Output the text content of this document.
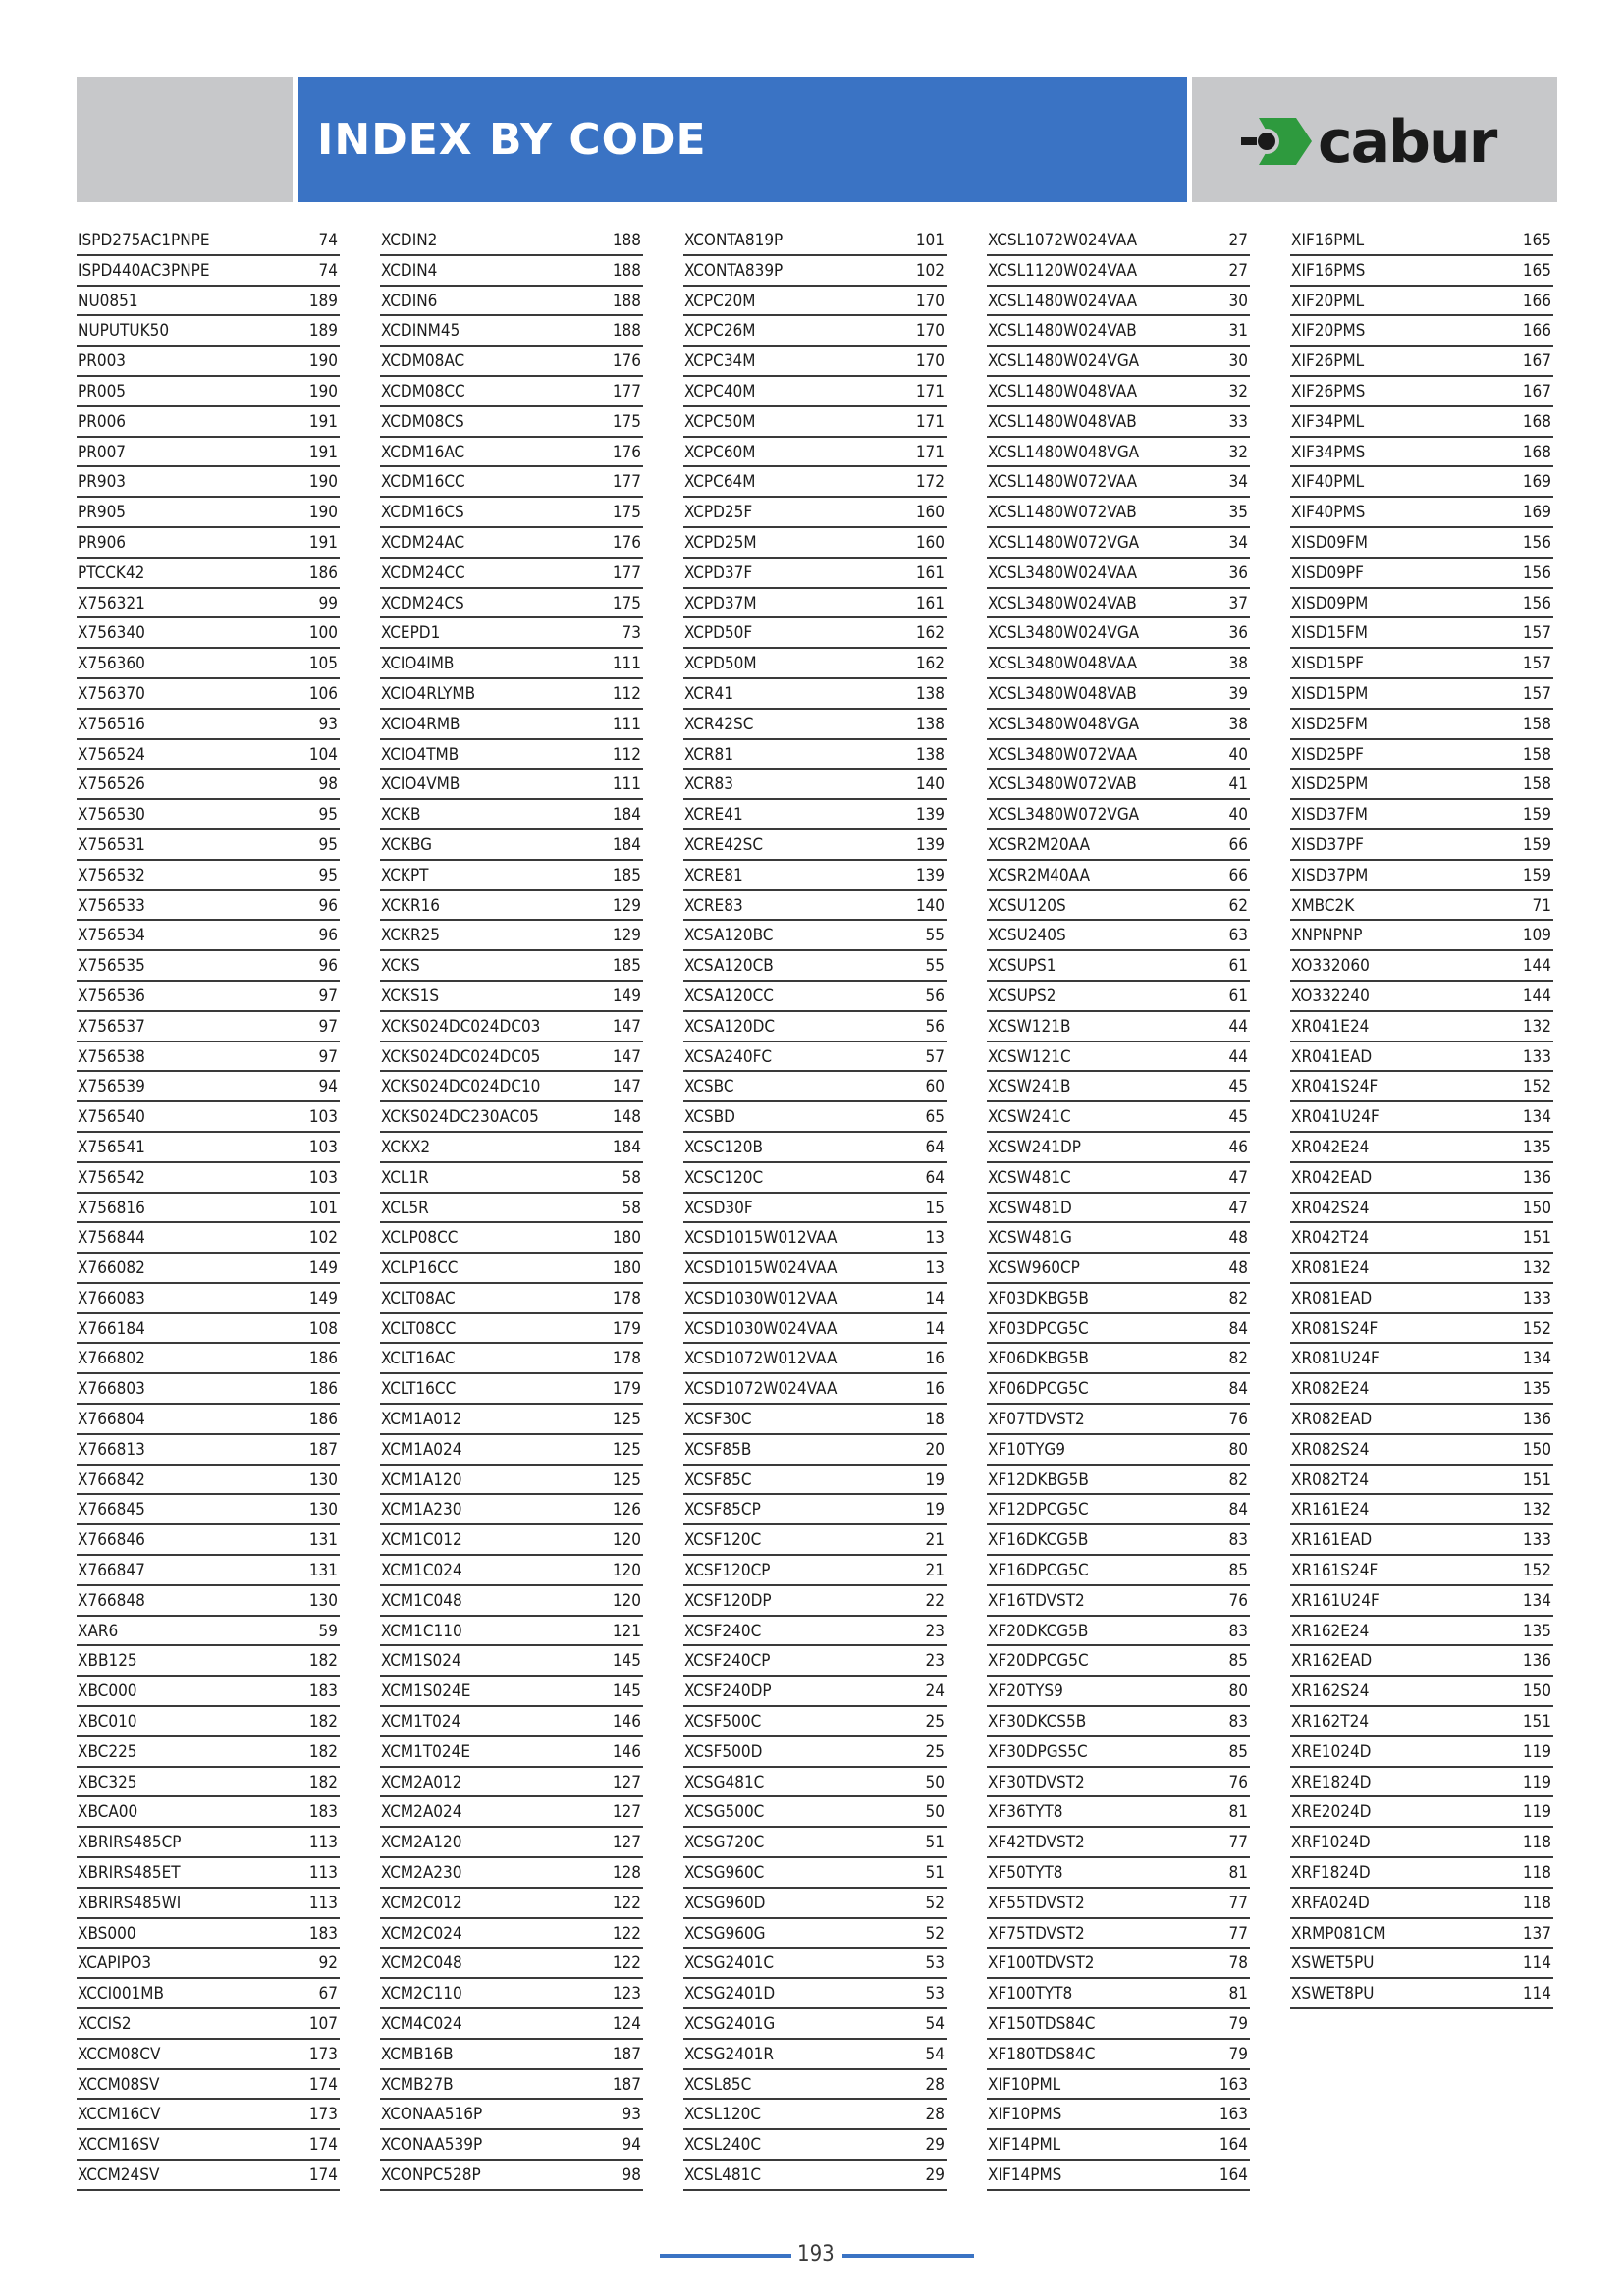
INDEX BY CODE	cabur
ISPD275AC1PNPE	74
ISPD440AC3PNPE	74
NU0851	189
NUPUTUK50	189
PR003	190
PR005	190
PR006	191
PR007	191
PR903	190
PR905	190
PR906	191
PTCCK42	186
X756321	99
X756340	100
X756360	105
X756370	106
X756516	93
X756524	104
X756526	98
X756530	95
X756531	95
X756532	95
X756533	96
X756534	96
X756535	96
X756536	97
X756537	97
X756538	97
X756539	94
X756540	103
X756541	103
X756542	103
X756816	101
X756844	102
X766082	149
X766083	149
X766184	108
X766802	186
X766803	186
X766804	186
X766813	187
X766842	130
X766845	130
X766846	131
X766847	131
X766848	130
XAR6	59
XBB125	182
XBC000	183
XBC010	182
XBC225	182
XBC325	182
XBCA00	183
XBRIRS485CP	113
XBRIRS485ET	113
XBRIRS485WI	113
XBS000	183
XCAPIPO3	92
XCCI001MB	67
XCCIS2	107
XCCM08CV	173
XCCM08SV	174
XCCM16CV	173
XCCM16SV	174
XCCM24SV	174
XCDIN2	188
XCDIN4	188
XCDIN6	188
XCDINM45	188
XCDM08AC	176
XCDM08CC	177
XCDM08CS	175
XCDM16AC	176
XCDM16CC	177
XCDM16CS	175
XCDM24AC	176
XCDM24CC	177
XCDM24CS	175
XCEPD1	73
XCIO4IMB	111
XCIO4RLYMB	112
XCIO4RMB	111
XCIO4TMB	112
XCIO4VMB	111
XCKB	184
XCKBG	184
XCKPT	185
XCKR16	129
XCKR25	129
XCKS	185
XCKS1S	149
XCKS024DC024DC03	147
XCKS024DC024DC05	147
XCKS024DC024DC10	147
XCKS024DC230AC05	148
XCKX2	184
XCL1R	58
XCL5R	58
XCLP08CC	180
XCLP16CC	180
XCLT08AC	178
XCLT08CC	179
XCLT16AC	178
XCLT16CC	179
XCM1A012	125
XCM1A024	125
XCM1A120	125
XCM1A230	126
XCM1C012	120
XCM1C024	120
XCM1C048	120
XCM1C110	121
XCM1S024	145
XCM1S024E	145
XCM1T024	146
XCM1T024E	146
XCM2A012	127
XCM2A024	127
XCM2A120	127
XCM2A230	128
XCM2C012	122
XCM2C024	122
XCM2C048	122
XCM2C110	123
XCM4C024	124
XCMB16B	187
XCMB27B	187
XCONAA516P	93
XCONAA539P	94
XCONPC528P	98
XCONTA819P	101
XCONTA839P	102
XCPC20M	170
XCPC26M	170
XCPC34M	170
XCPC40M	171
XCPC50M	171
XCPC60M	171
XCPC64M	172
XCPD25F	160
XCPD25M	160
XCPD37F	161
XCPD37M	161
XCPD50F	162
XCPD50M	162
XCR41	138
XCR42SC	138
XCR81	138
XCR83	140
XCRE41	139
XCRE42SC	139
XCRE81	139
XCRE83	140
XCSA120BC	55
XCSA120CB	55
XCSA120CC	56
XCSA120DC	56
XCSA240FC	57
XCSBC	60
XCSBD	65
XCSC120B	64
XCSC120C	64
XCSD30F	15
XCSD1015W012VAA	13
XCSD1015W024VAA	13
XCSD1030W012VAA	14
XCSD1030W024VAA	14
XCSD1072W012VAA	16
XCSD1072W024VAA	16
XCSF30C	18
XCSF85B	20
XCSF85C	19
XCSF85CP	19
XCSF120C	21
XCSF120CP	21
XCSF120DP	22
XCSF240C	23
XCSF240CP	23
XCSF240DP	24
XCSF500C	25
XCSF500D	25
XCSG481C	50
XCSG500C	50
XCSG720C	51
XCSG960C	51
XCSG960D	52
XCSG960G	52
XCSG2401C	53
XCSG2401D	53
XCSG2401G	54
XCSG2401R	54
XCSL85C	28
XCSL120C	28
XCSL240C	29
XCSL481C	29
XCSL1072W024VAA	27
XCSL1120W024VAA	27
XCSL1480W024VAA	30
XCSL1480W024VAB	31
XCSL1480W024VGA	30
XCSL1480W048VAA	32
XCSL1480W048VAB	33
XCSL1480W048VGA	32
XCSL1480W072VAA	34
XCSL1480W072VAB	35
XCSL1480W072VGA	34
XCSL3480W024VAA	36
XCSL3480W024VAB	37
XCSL3480W024VGA	36
XCSL3480W048VAA	38
XCSL3480W048VAB	39
XCSL3480W048VGA	38
XCSL3480W072VAA	40
XCSL3480W072VAB	41
XCSL3480W072VGA	40
XCSR2M20AA	66
XCSR2M40AA	66
XCSU120S	62
XCSU240S	63
XCSUPS1	61
XCSUPS2	61
XCSW121B	44
XCSW121C	44
XCSW241B	45
XCSW241C	45
XCSW241DP	46
XCSW481C	47
XCSW481D	47
XCSW481G	48
XCSW960CP	48
XF03DKBG5B	82
XF03DPCG5C	84
XF06DKBG5B	82
XF06DPCG5C	84
XF07TDVST2	76
XF10TYG9	80
XF12DKBG5B	82
XF12DPCG5C	84
XF16DKCG5B	83
XF16DPCG5C	85
XF16TDVST2	76
XF20DKCG5B	83
XF20DPCG5C	85
XF20TYS9	80
XF30DKCS5B	83
XF30DPGS5C	85
XF30TDVST2	76
XF36TYT8	81
XF42TDVST2	77
XF50TYT8	81
XF55TDVST2	77
XF75TDVST2	77
XF100TDVST2	78
XF100TYT8	81
XF150TDS84C	79
XF180TDS84C	79
XIF10PML	163
XIF10PMS	163
XIF14PML	164
XIF14PMS	164
XIF16PML	165
XIF16PMS	165
XIF20PML	166
XIF20PMS	166
XIF26PML	167
XIF26PMS	167
XIF34PML	168
XIF34PMS	168
XIF40PML	169
XIF40PMS	169
XISD09FM	156
XISD09PF	156
XISD09PM	156
XISD15FM	157
XISD15PF	157
XISD15PM	157
XISD25FM	158
XISD25PF	158
XISD25PM	158
XISD37FM	159
XISD37PF	159
XISD37PM	159
XMBC2K	71
XNPNPNP	109
XO332060	144
XO332240	144
XR041E24	132
XR041EAD	133
XR041S24F	152
XR041U24F	134
XR042E24	135
XR042EAD	136
XR042S24	150
XR042T24	151
XR081E24	132
XR081EAD	133
XR081S24F	152
XR081U24F	134
XR082E24	135
XR082EAD	136
XR082S24	150
XR082T24	151
XR161E24	132
XR161EAD	133
XR161S24F	152
XR161U24F	134
XR162E24	135
XR162EAD	136
XR162S24	150
XR162T24	151
XRE1024D	119
XRE1824D	119
XRE2024D	119
XRF1024D	118
XRF1824D	118
XRFA024D	118
XRMP081CM	137
XSWET5PU	114
XSWET8PU	114
193
